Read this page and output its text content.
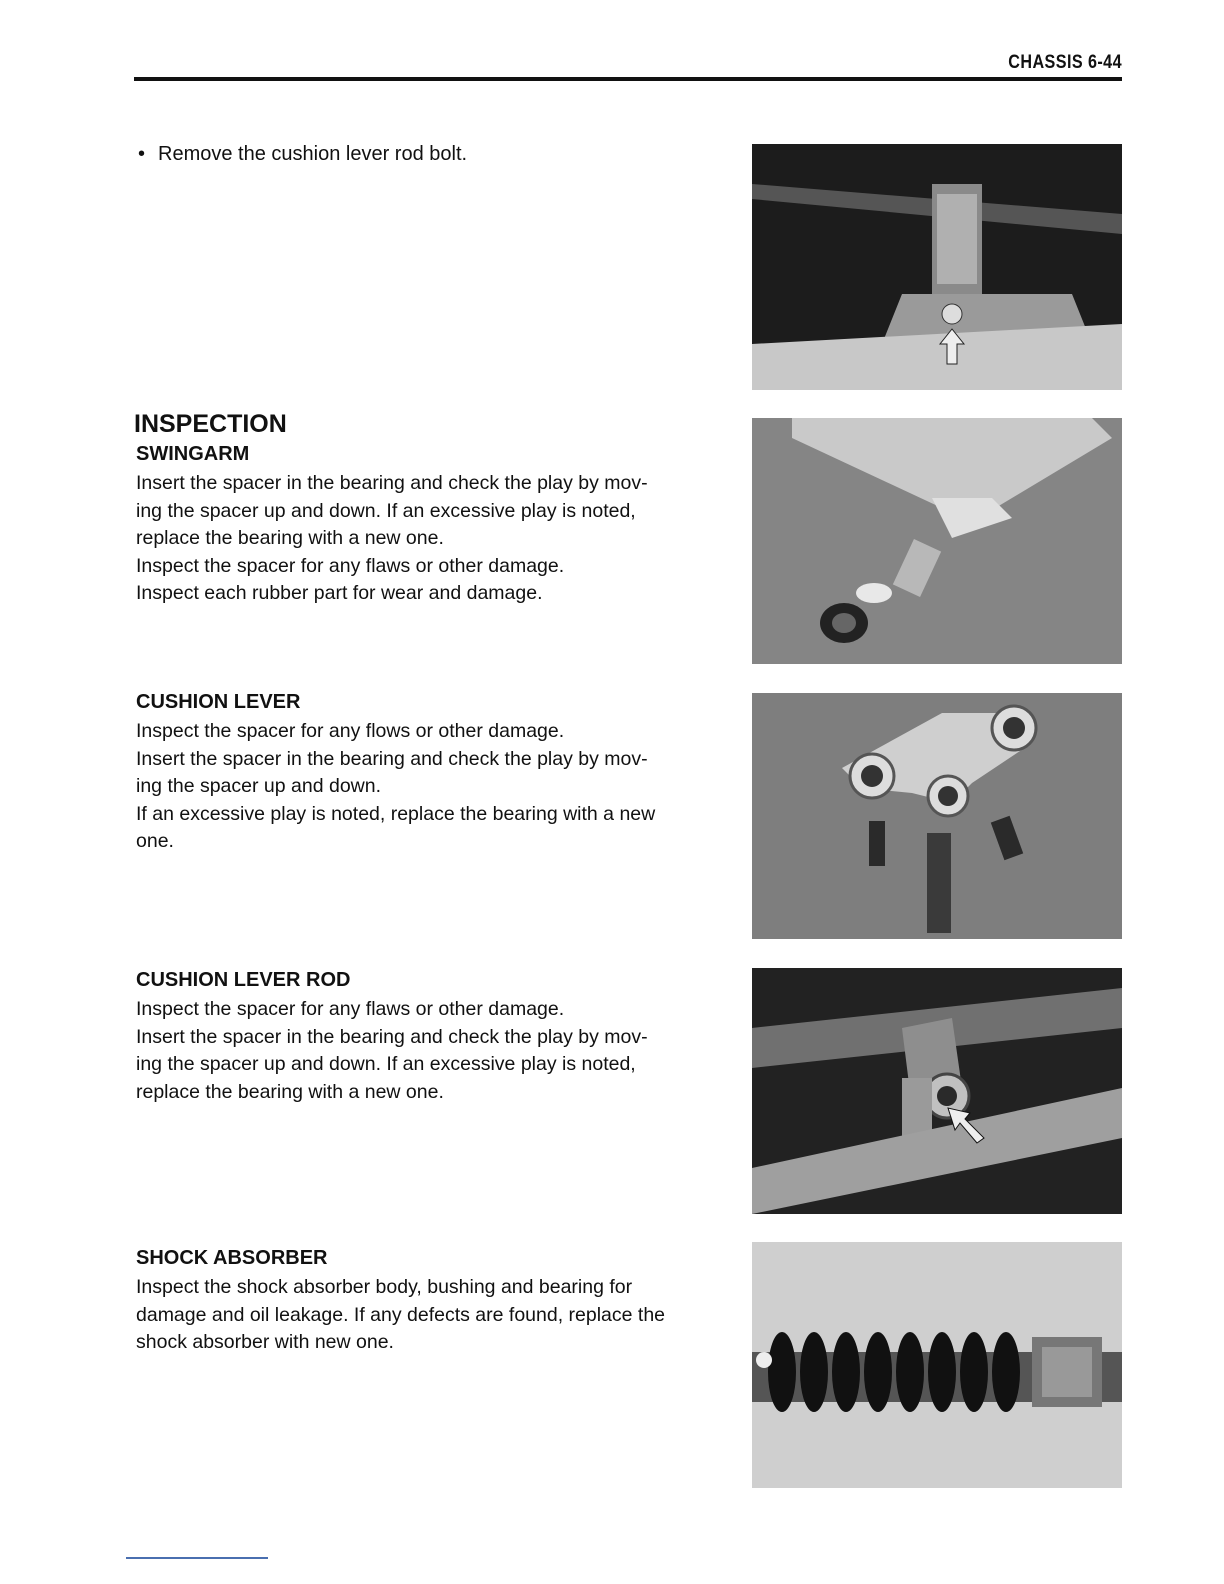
CHASSIS 6-44
• Remove the cushion lever rod bolt.
INSPECTION
SWINGARM

Insert the spacer in the bearing and check the play by mov-
ing the spacer up and down. If an excessive play is noted,
replace the bearing with a new one.
Inspect the spacer for any flaws or other damage.
Inspect each rubber part for wear and damage.

CUSHION LEVER

Inspect the spacer for any flows or other damage.
Insert the spacer in the bearing and check the play by mov-
ing the spacer up and down.
If an excessive play is noted, replace the bearing with a new
one.

CUSHION LEVER ROD

Inspect the spacer for any flaws or other damage.
Insert the spacer in the bearing and check the play by mov-
ing the spacer up and down. If an excessive play is noted,
replace the bearing with a new one.

SHOCK ABSORBER

Inspect the shock absorber body, bushing and bearing for
damage and oil leakage. If any defects are found, replace the
shock absorber with new one.
